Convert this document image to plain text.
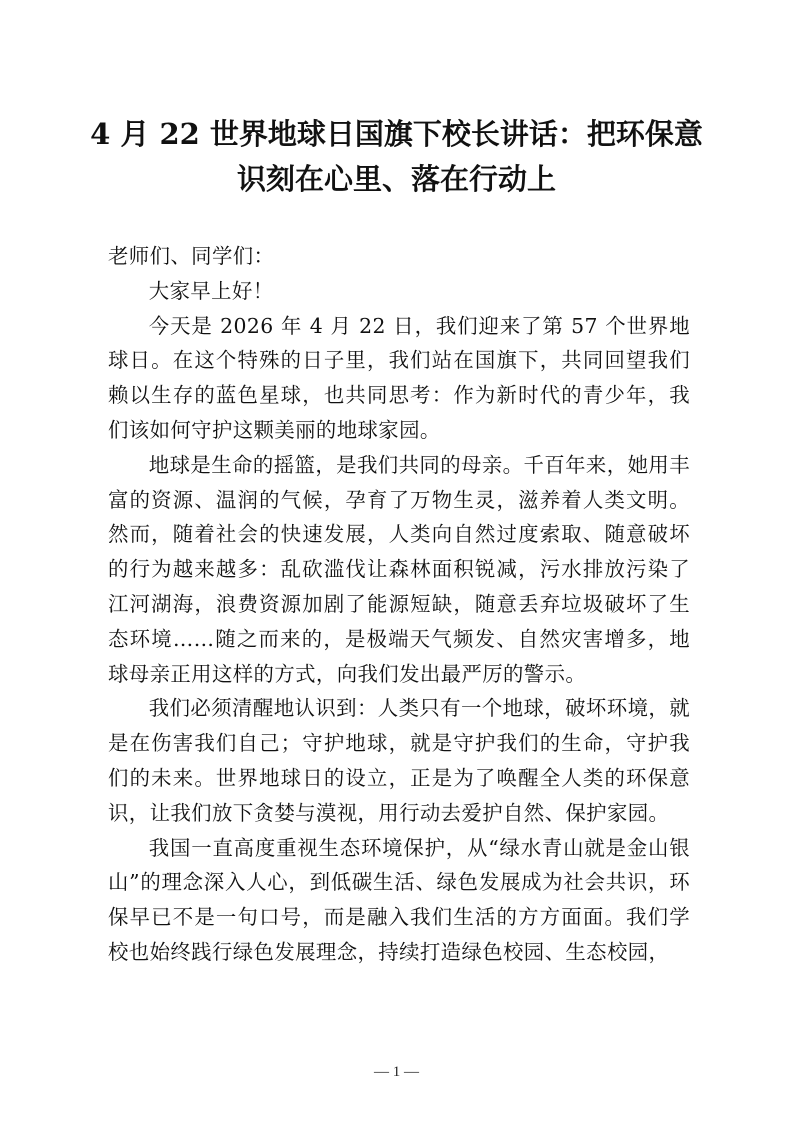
4 月 22 世界地球日国旗下校长讲话：把环保意识刻在心里、落在行动上

老师们、同学们：

大家早上好！

今天是 2026 年 4 月 22 日，我们迎来了第 57 个世界地球日。在这个特殊的日子里，我们站在国旗下，共同回望我们赖以生存的蓝色星球，也共同思考：作为新时代的青少年，我们该如何守护这颗美丽的地球家园。

地球是生命的摇篮，是我们共同的母亲。千百年来，她用丰富的资源、温润的气候，孕育了万物生灵，滋养着人类文明。然而，随着社会的快速发展，人类向自然过度索取、随意破坏的行为越来越多：乱砍滥伐让森林面积锐减，污水排放污染了江河湖海，浪费资源加剧了能源短缺，随意丢弃垃圾破坏了生态环境……随之而来的，是极端天气频发、自然灾害增多，地球母亲正用这样的方式，向我们发出最严厉的警示。

我们必须清醒地认识到：人类只有一个地球，破坏环境，就是在伤害我们自己；守护地球，就是守护我们的生命，守护我们的未来。世界地球日的设立，正是为了唤醒全人类的环保意识，让我们放下贪婪与漠视，用行动去爱护自然、保护家园。

我国一直高度重视生态环境保护，从“绿水青山就是金山银山”的理念深入人心，到低碳生活、绿色发展成为社会共识，环保早已不是一句口号，而是融入我们生活的方方面面。我们学校也始终践行绿色发展理念，持续打造绿色校园、生态校园，

— 1 —
